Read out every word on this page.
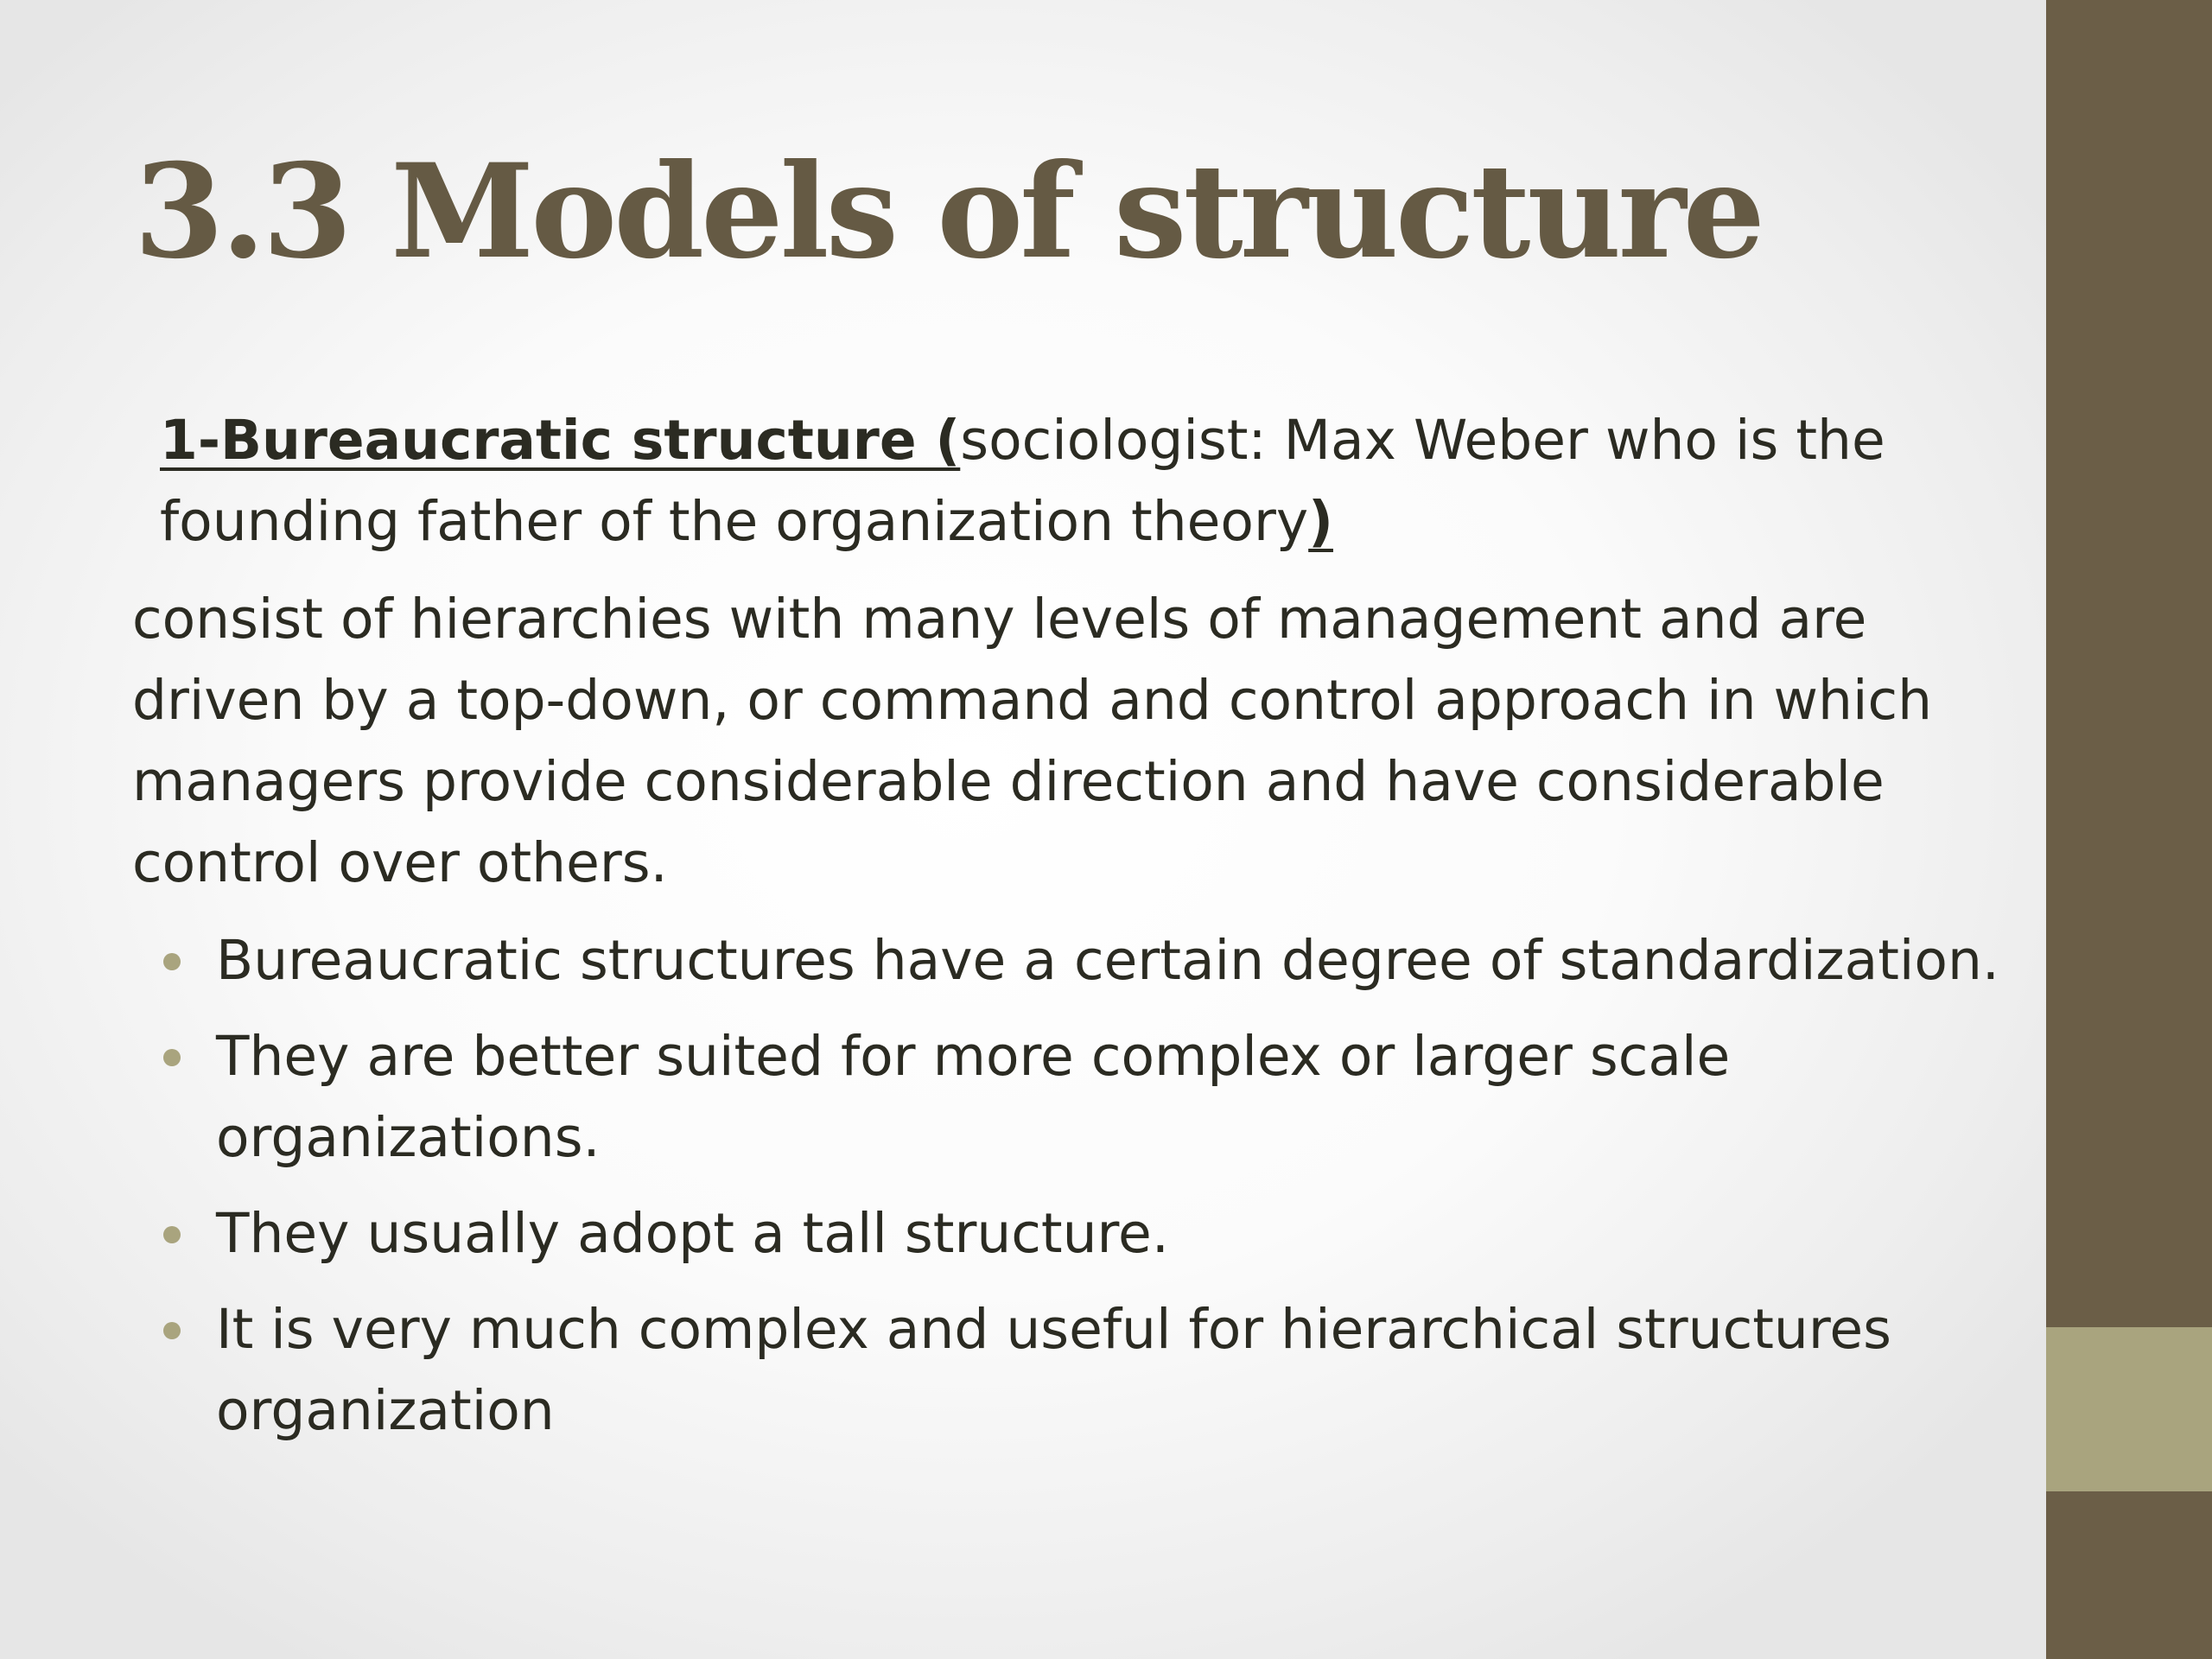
3.3 Models of structure

1-Bureaucratic structure (sociologist: Max Weber who is the founding father of the organization theory)

consist of hierarchies with many levels of management and are driven by a top-down, or command and control approach in which managers provide considerable direction and have considerable control over others.

Bureaucratic structures have a certain degree of standardization.
They are better suited for more complex or larger scale organizations.
They usually adopt a tall structure.
It is very much complex and useful for hierarchical structures organization
